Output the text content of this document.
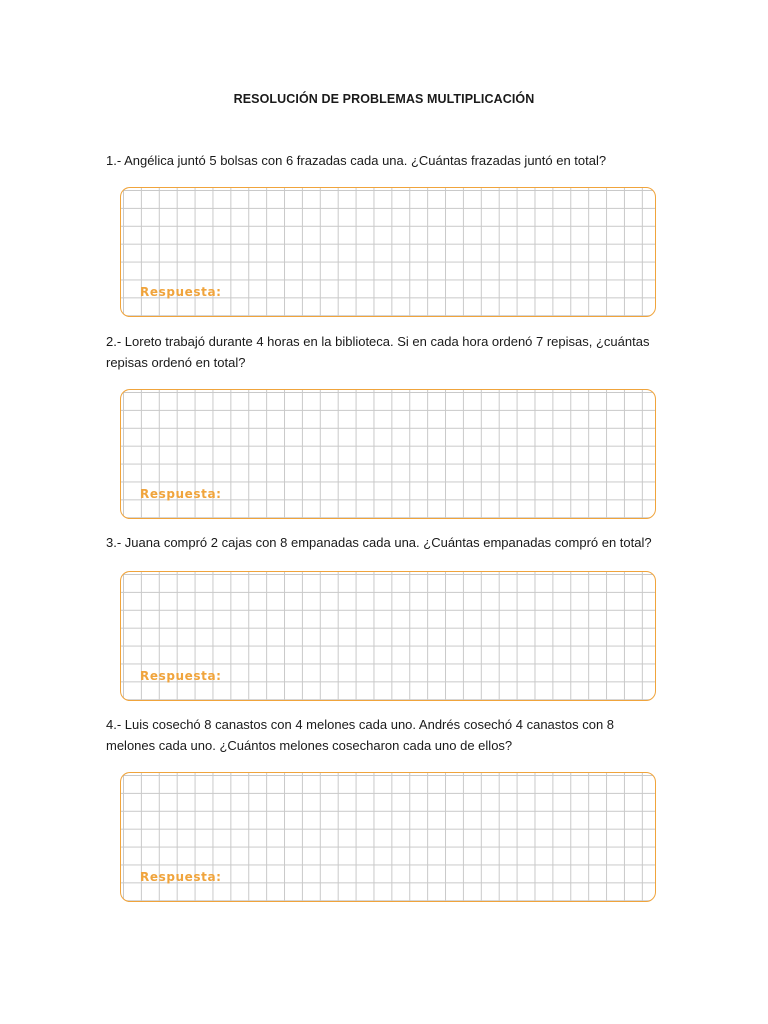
RESOLUCIÓN DE PROBLEMAS MULTIPLICACIÓN
1.- Angélica juntó 5 bolsas con 6 frazadas cada una. ¿Cuántas frazadas juntó en total?
Respuesta:
2.- Loreto trabajó durante 4 horas en la biblioteca. Si en cada hora ordenó 7 repisas, ¿cuántas repisas ordenó en total?
Respuesta:
3.- Juana compró 2 cajas con 8 empanadas cada una. ¿Cuántas empanadas compró en total?
Respuesta:
4.- Luis cosechó 8 canastos con 4 melones cada uno. Andrés cosechó 4 canastos con 8 melones cada uno. ¿Cuántos melones cosecharon cada uno de ellos?
Respuesta:
